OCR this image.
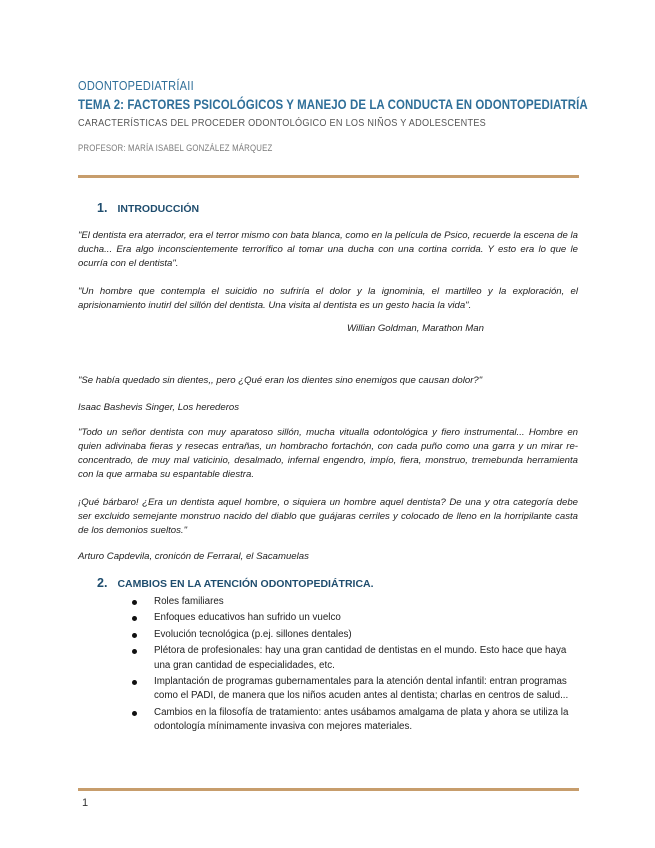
ODONTOPEDIATRÍAII
TEMA 2: FACTORES PSICOLÓGICOS Y MANEJO DE LA CONDUCTA EN ODONTOPEDIATRÍA
CARACTERÍSTICAS DEL PROCEDER ODONTOLÓGICO EN LOS NIÑOS Y ADOLESCENTES
PROFESOR: MARÍA ISABEL GONZÁLEZ MÁRQUEZ
1. INTRODUCCIÓN
"El dentista era aterrador, era el terror mismo con bata blanca, como en la película de Psico, recuerde la escena de la ducha... Era algo inconscientemente terrorífico al tomar una ducha con una cortina corrida. Y esto era lo que le ocurría con el dentista".
"Un hombre que contempla el suicidio no sufriría el dolor y la ignominia, el martilleo y la exploración, el aprisionamiento inutirl del sillón del dentista. Una visita al dentista es un gesto hacia la vida".
Willian Goldman, Marathon Man
"Se había quedado sin dientes,, pero ¿Qué eran los dientes sino enemigos que causan dolor?"
Isaac Bashevis Singer, Los herederos
"Todo un señor dentista con muy aparatoso sillón, mucha vitualla odontológica y fiero instrumental... Hombre en quien adivinaba fieras y resecas entrañas, un hombracho fortachón, con cada puño como una garra y un mirar re- concentrado, de muy mal vaticinio, desalmado, infernal engendro, impío, fiera, monstruo, tremebunda herramienta con la que armaba su espantable diestra.
¡Qué bárbaro! ¿Era un dentista aquel hombre, o siquiera un hombre aquel dentista? De una y otra categoría debe ser excluido semejante monstruo nacido del diablo que guájaras cerriles y colocado de lleno en la horripilante casta de los demonios sueltos."
Arturo Capdevila, cronicón de Ferraral, el Sacamuelas
2. CAMBIOS EN LA ATENCIÓN ODONTOPEDIÁTRICA.
Roles familiares
Enfoques educativos han sufrido un vuelco
Evolución tecnológica (p.ej. sillones dentales)
Plétora de profesionales: hay una gran cantidad de dentistas en el mundo. Esto hace que haya una gran cantidad de especialidades, etc.
Implantación de programas gubernamentales para la atención dental infantil: entran programas como el PADI, de manera que los niños acuden antes al dentista; charlas en centros de salud...
Cambios en la filosofía de tratamiento: antes usábamos amalgama de plata y ahora se utiliza la odontología mínimamente invasiva con mejores materiales.
1
